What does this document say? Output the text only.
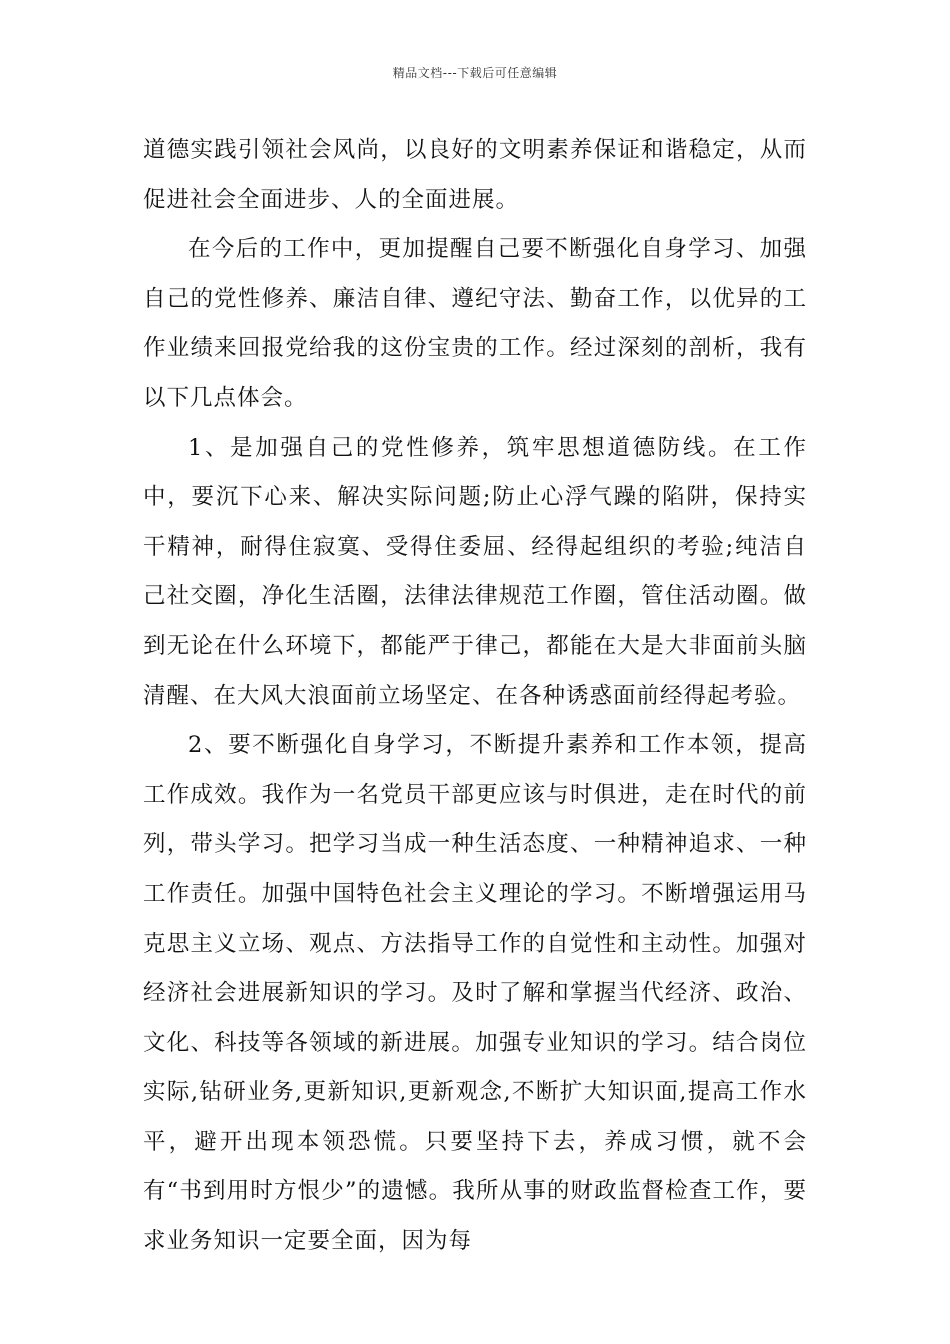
精品文档---下载后可任意编辑

道德实践引领社会风尚，以良好的文明素养保证和谐稳定，从而促进社会全面进步、人的全面进展。

在今后的工作中，更加提醒自己要不断强化自身学习、加强自己的党性修养、廉洁自律、遵纪守法、勤奋工作，以优异的工作业绩来回报党给我的这份宝贵的工作。经过深刻的剖析，我有以下几点体会。

1、是加强自己的党性修养，筑牢思想道德防线。在工作中，要沉下心来、解决实际问题;防止心浮气躁的陷阱，保持实干精神，耐得住寂寞、受得住委屈、经得起组织的考验;纯洁自己社交圈，净化生活圈，法律法律规范工作圈，管住活动圈。做到无论在什么环境下，都能严于律己，都能在大是大非面前头脑清醒、在大风大浪面前立场坚定、在各种诱惑面前经得起考验。

2、要不断强化自身学习，不断提升素养和工作本领，提高工作成效。我作为一名党员干部更应该与时俱进，走在时代的前列，带头学习。把学习当成一种生活态度、一种精神追求、一种工作责任。加强中国特色社会主义理论的学习。不断增强运用马克思主义立场、观点、方法指导工作的自觉性和主动性。加强对经济社会进展新知识的学习。及时了解和掌握当代经济、政治、文化、科技等各领域的新进展。加强专业知识的学习。结合岗位实际,钻研业务,更新知识,更新观念,不断扩大知识面,提高工作水平，避开出现本领恐慌。只要坚持下去，养成习惯，就不会有“书到用时方恨少”的遗憾。我所从事的财政监督检查工作，要求业务知识一定要全面，因为每
